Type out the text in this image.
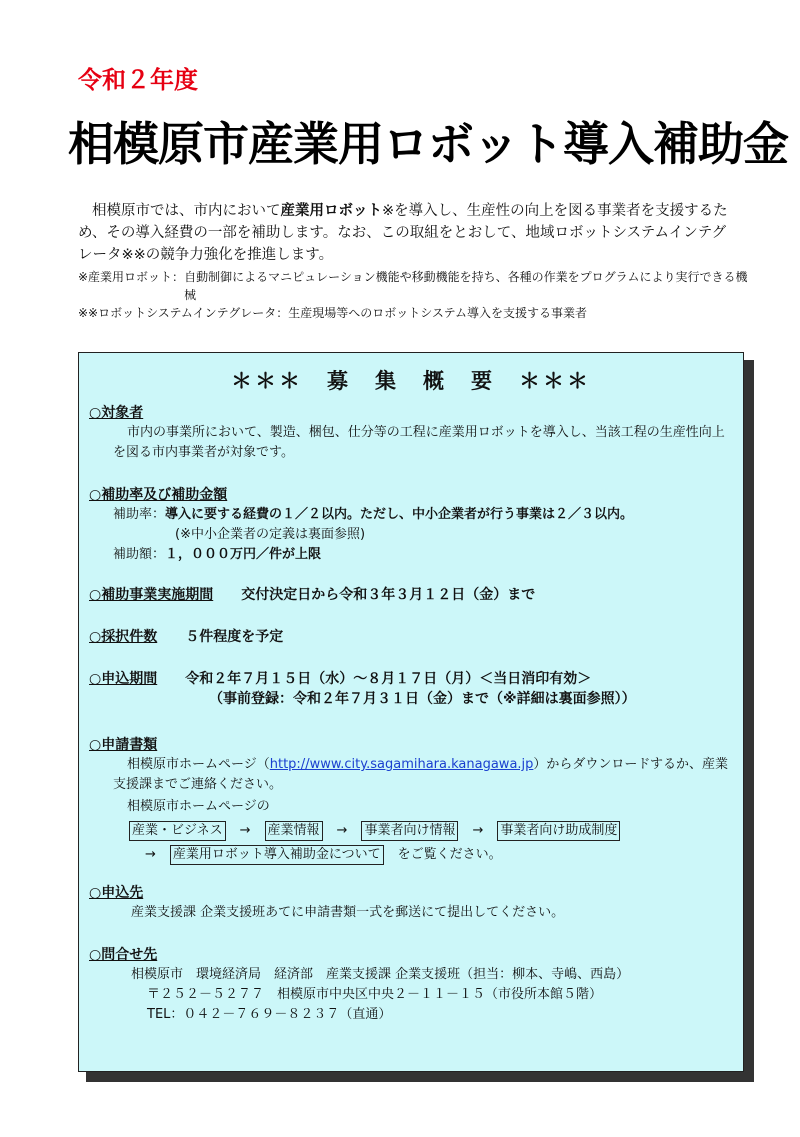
令和２年度
相模原市産業用ロボット導入補助金
相模原市では、市内において産業用ロボット※を導入し、生産性の向上を図る事業者を支援するため、その導入経費の一部を補助します。なお、この取組をとおして、地域ロボットシステムインテグレータ※※の競争力強化を推進します。
※産業用ロボット： 自動制御によるマニピュレーション機能や移動機能を持ち、各種の作業をプログラムにより実行できる機械
※※ロボットシステムインテグレータ： 生産現場等へのロボットシステム導入を支援する事業者
＊＊＊　募　集　概　要　＊＊＊
○対象者
市内の事業所において、製造、梱包、仕分等の工程に産業用ロボットを導入し、当該工程の生産性向上を図る市内事業者が対象です。
○補助率及び補助金額
補助率：導入に要する経費の１／２以内。ただし、中小企業者が行う事業は２／３以内。
(※中小企業者の定義は裏面参照)
補助額：１，０００万円／件が上限
○補助事業実施期間 交付決定日から令和３年３月１２日（金）まで
○採択件数 ５件程度を予定
○申込期間 令和２年７月１５日（水）～８月１７日（月）＜当日消印有効＞
（事前登録：令和２年７月３１日（金）まで（※詳細は裏面参照））
○申請書類
相模原市ホームページ（http://www.city.sagamihara.kanagawa.jp）からダウンロードするか、産業支援課までご連絡ください。
相模原市ホームページの
産業・ビジネス → 産業情報 → 事業者向け情報 → 事業者向け助成制度
→ 産業用ロボット導入補助金について をご覧ください。
○申込先
産業支援課 企業支援班あてに申請書類一式を郵送にて提出してください。
○問合せ先
相模原市　環境経済局　経済部　産業支援課 企業支援班（担当：柳本、寺嶋、西島）
〒２５２－５２７７　相模原市中央区中央２－１１－１５（市役所本館５階）
TEL：０４２－７６９－８２３７（直通）
